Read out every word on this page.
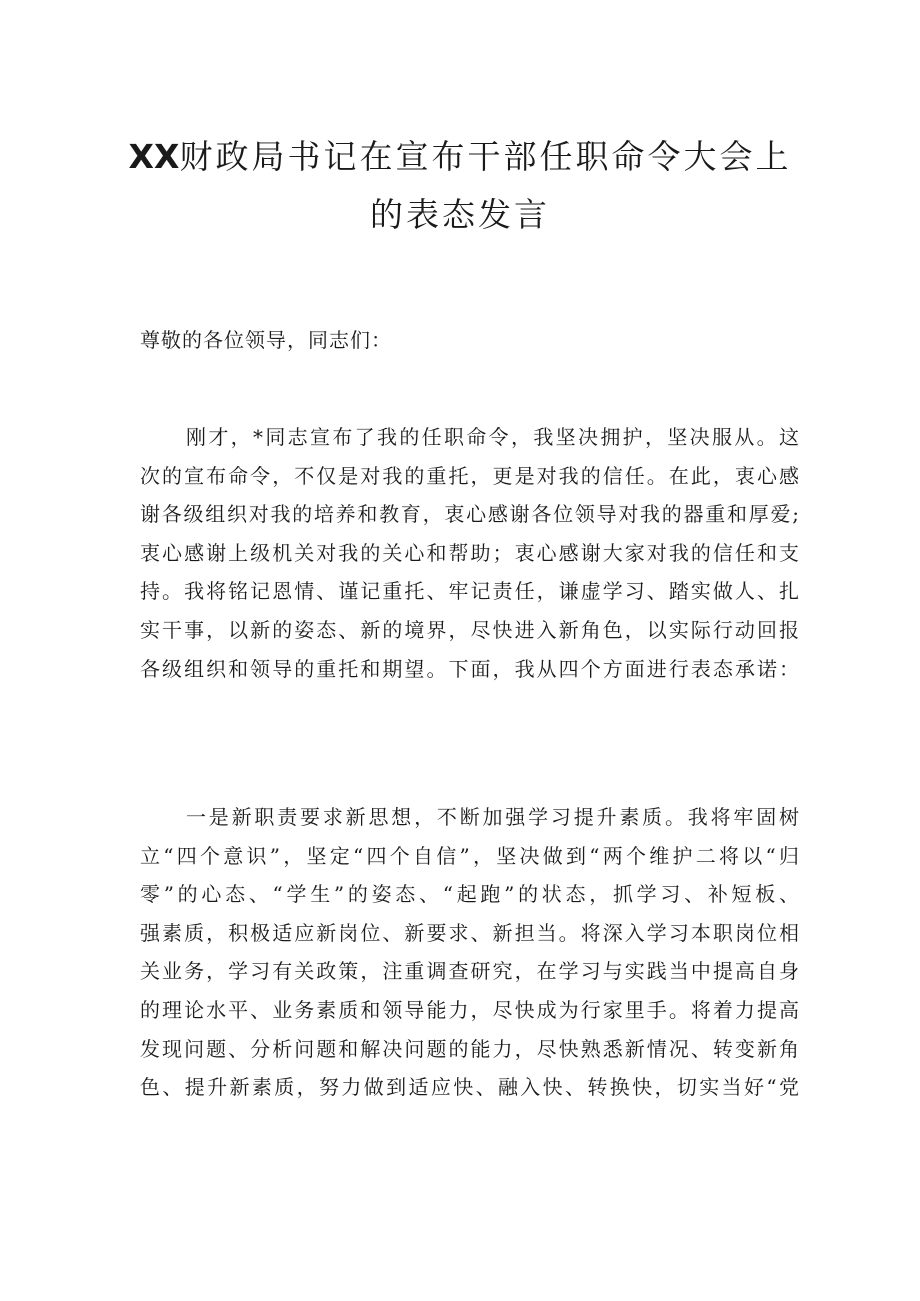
XX财政局书记在宣布干部任职命令大会上
的表态发言

尊敬的各位领导，同志们：

刚才，*同志宣布了我的任职命令，我坚决拥护，坚决服从。这
次的宣布命令，不仅是对我的重托，更是对我的信任。在此，衷心感
谢各级组织对我的培养和教育，衷心感谢各位领导对我的器重和厚爱;
衷心感谢上级机关对我的关心和帮助；衷心感谢大家对我的信任和支
持。我将铭记恩情、谨记重托、牢记责任，谦虚学习、踏实做人、扎
实干事，以新的姿态、新的境界，尽快进入新角色，以实际行动回报
各级组织和领导的重托和期望。下面，我从四个方面进行表态承诺：
一是新职责要求新思想，不断加强学习提升素质。我将牢固树
立“四个意识”，坚定“四个自信”，坚决做到“两个维护二将以“归
零”的心态、“学生”的姿态、“起跑”的状态，抓学习、补短板、
强素质，积极适应新岗位、新要求、新担当。将深入学习本职岗位相
关业务，学习有关政策，注重调查研究，在学习与实践当中提高自身
的理论水平、业务素质和领导能力，尽快成为行家里手。将着力提高
发现问题、分析问题和解决问题的能力，尽快熟悉新情况、转变新角
色、提升新素质，努力做到适应快、融入快、转换快，切实当好“党
